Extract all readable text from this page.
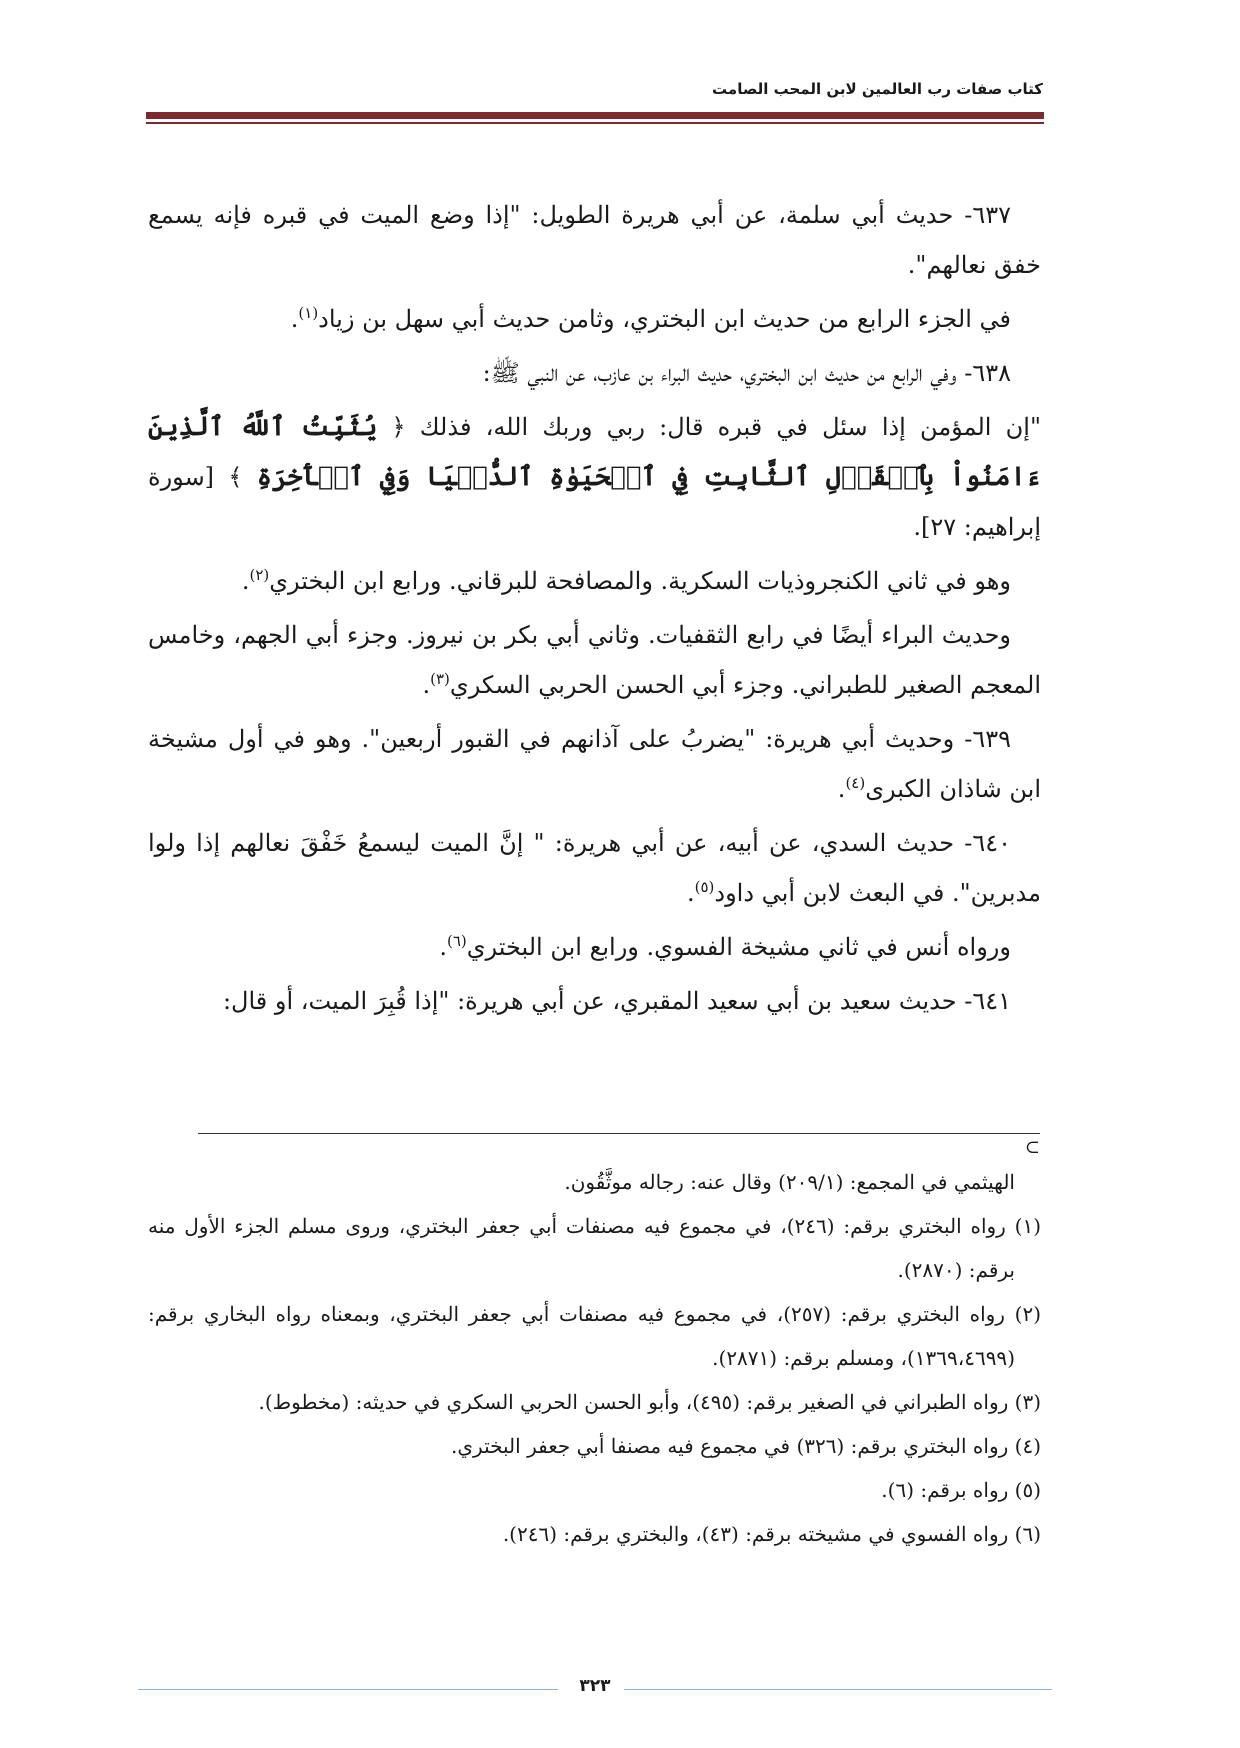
كتاب صفات رب العالمين لابن المحب الصامت

٦٣٧- حديث أبي سلمة، عن أبي هريرة الطويل: "إذا وضع الميت في قبره فإنه يسمع خفق نعالهم".

في الجزء الرابع من حديث ابن البختري، وثامن حديث أبي سهل بن زياد$^{(١)}$.

٦٣٨- وفي الرابع من حديث ابن البختري، حديث البراء بن عازب، عن النبي ﷺ:

"إن المؤمن إذا سئل في قبره قال: ربي وربك الله، فذلك ﴿ يُثَبِّتُ ٱللَّهُ ٱلَّذِينَ ءَامَنُواْ بِٱلۡقَوۡلِ ٱلثَّابِتِ فِي ٱلۡحَيَوٰةِ ٱلدُّنۡيَا وَفِي ٱلۡأٓخِرَةِ ﴾ [سورة إبراهيم: ٢٧].

وهو في ثاني الكنجروذيات السكرية. والمصافحة للبرقاني. ورابع ابن البختري$^{(٢)}$.

وحديث البراء أيضًا في رابع الثقفيات. وثاني أبي بكر بن نيروز. وجزء أبي الجهم، وخامس المعجم الصغير للطبراني. وجزء أبي الحسن الحربي السكري$^{(٣)}$.

٦٣٩- وحديث أبي هريرة: "يضربُ على آذانهم في القبور أربعين". وهو في أول مشيخة ابن شاذان الكبرى$^{(٤)}$.

٦٤٠- حديث السدي، عن أبيه، عن أبي هريرة: " إنَّ الميت ليسمعُ خَفْقَ نعالهم إذا ولوا مدبرين". في البعث لابن أبي داود$^{(٥)}$.

ورواه أنس في ثاني مشيخة الفسوي. ورابع ابن البختري$^{(٦)}$.

٦٤١- حديث سعيد بن أبي سعيد المقبري، عن أبي هريرة: "إذا قُبِرَ الميت، أو قال:

⊃

الهيثمي في المجمع: (٢٠٩/١) وقال عنه: رجاله موثَّقُون.

(١) رواه البختري برقم: (٢٤٦)، في مجموع فيه مصنفات أبي جعفر البختري، وروى مسلم الجزء الأول منه برقم: (٢٨٧٠).

(٢) رواه البختري برقم: (٢٥٧)، في مجموع فيه مصنفات أبي جعفر البختري، وبمعناه رواه البخاري برقم: (١٣٦٩،٤٦٩٩)، ومسلم برقم: (٢٨٧١).

(٣) رواه الطبراني في الصغير برقم: (٤٩٥)، وأبو الحسن الحربي السكري في حديثه: (مخطوط).

(٤) رواه البختري برقم: (٣٢٦) في مجموع فيه مصنفا أبي جعفر البختري.

(٥) رواه برقم: (٦).

(٦) رواه الفسوي في مشيخته برقم: (٤٣)، والبختري برقم: (٢٤٦).

٣٢٣
